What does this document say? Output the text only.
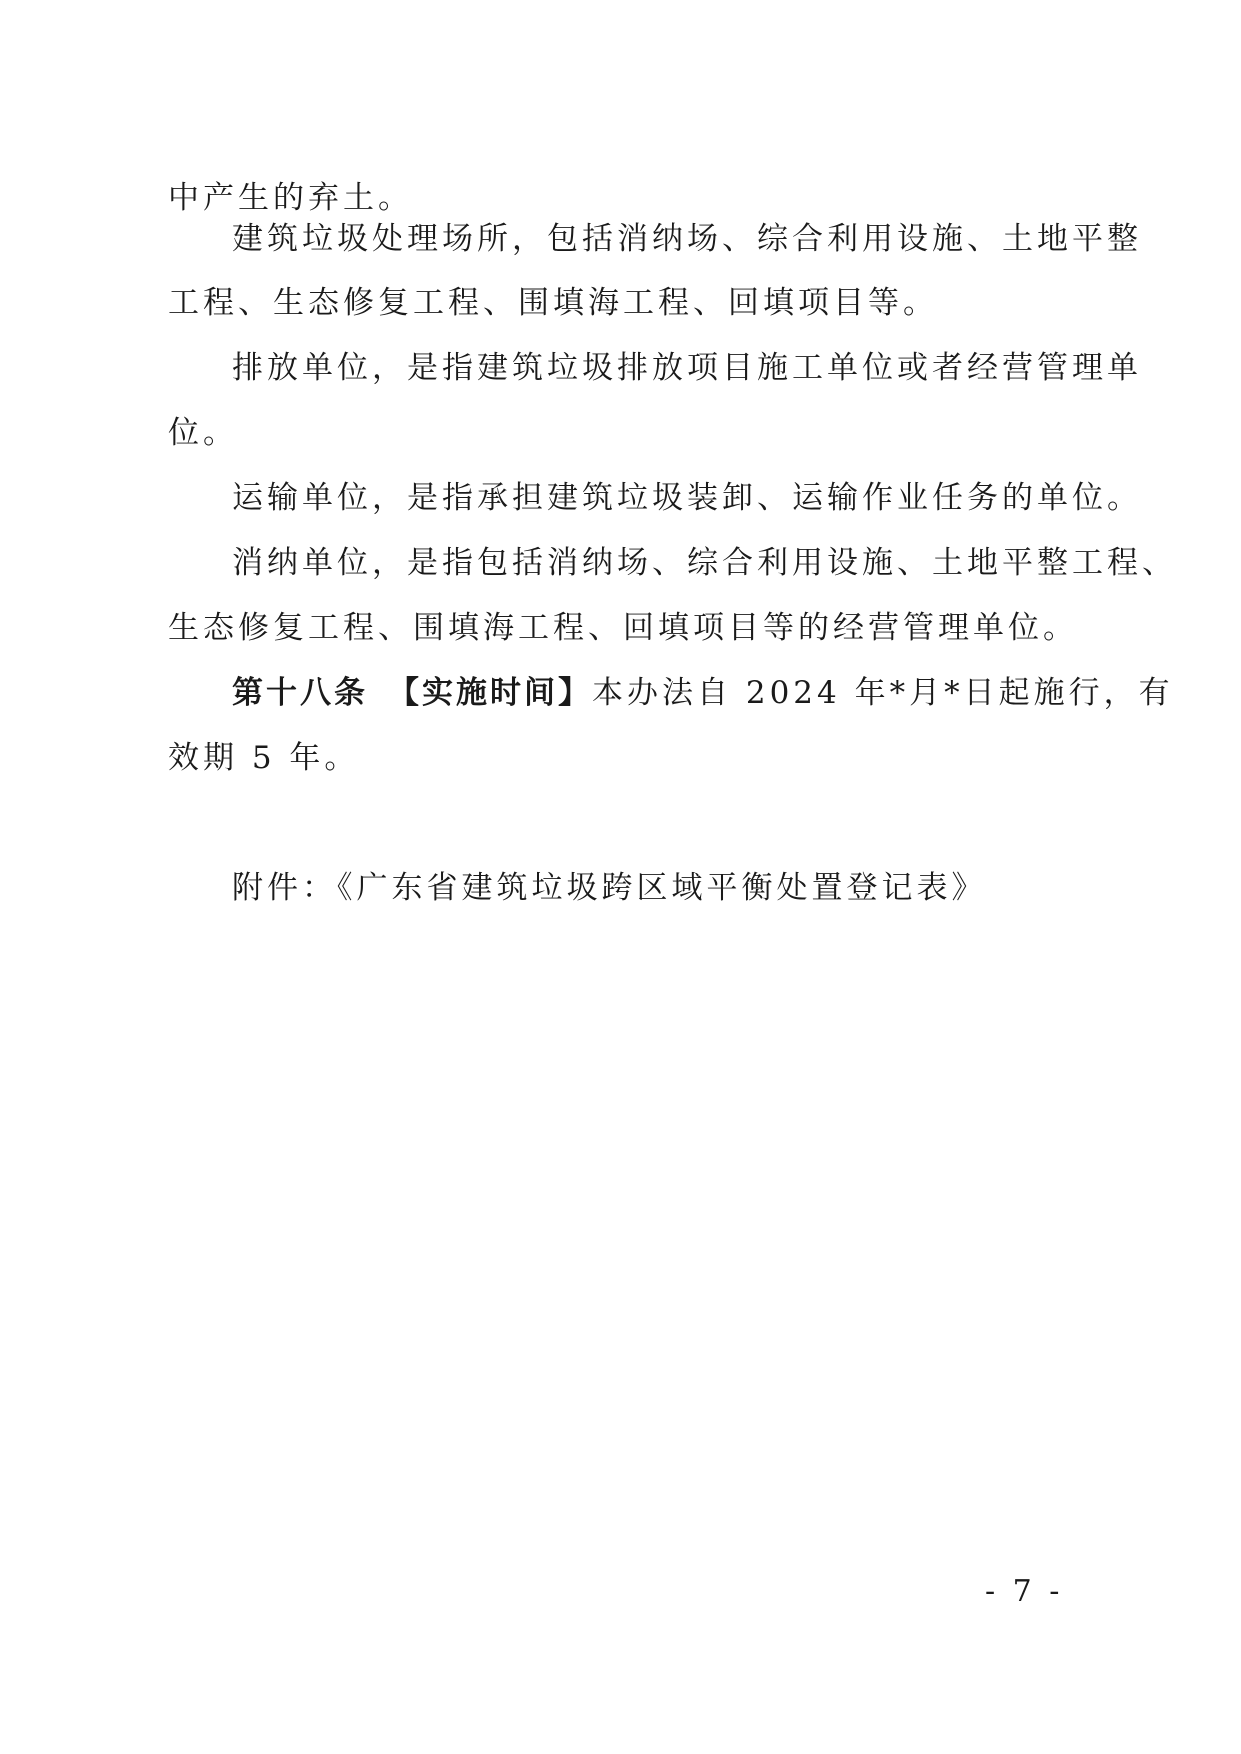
中产生的弃土。
建筑垃圾处理场所，包括消纳场、综合利用设施、土地平整
工程、生态修复工程、围填海工程、回填项目等。
排放单位，是指建筑垃圾排放项目施工单位或者经营管理单
位。
运输单位，是指承担建筑垃圾装卸、运输作业任务的单位。
消纳单位，是指包括消纳场、综合利用设施、土地平整工程、
生态修复工程、围填海工程、回填项目等的经营管理单位。
第十八条 【实施时间】本办法自 2024 年*月*日起施行，有
效期 5 年。
附件：《广东省建筑垃圾跨区域平衡处置登记表》
- 7 -
